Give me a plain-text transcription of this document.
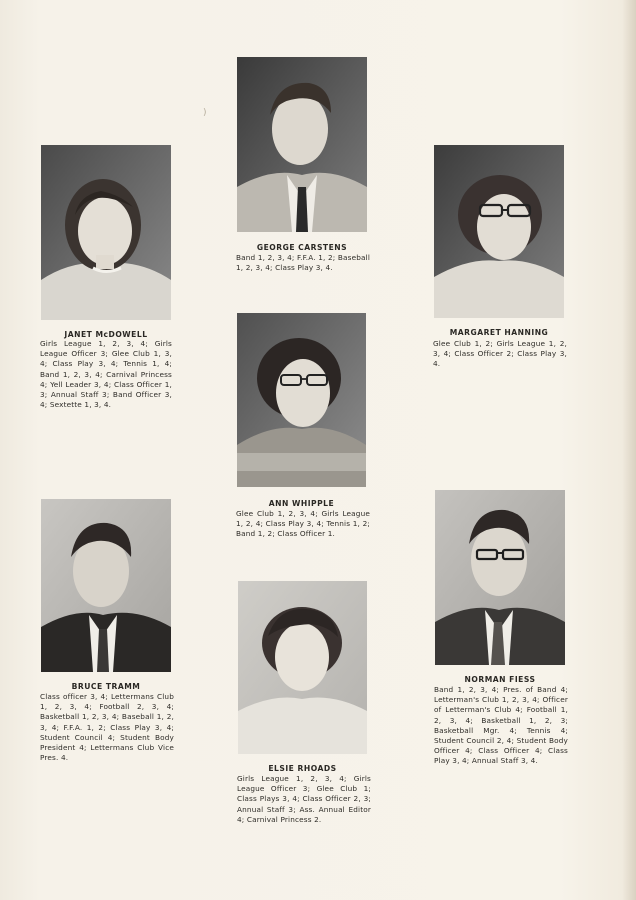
)
JANET McDOWELL
Girls League 1, 2, 3, 4; Girls League Officer 3; Glee Club 1, 3, 4; Class Play 3, 4; Tennis 1, 4; Band 1, 2, 3, 4; Carnival Princess 4; Yell Leader 3, 4; Class Officer 1, 3; Annual Staff 3; Band Officer 3, 4; Sextette 1, 3, 4.
GEORGE CARSTENS
Band 1, 2, 3, 4; F.F.A. 1, 2; Baseball 1, 2, 3, 4; Class Play 3, 4.
MARGARET HANNING
Glee Club 1, 2; Girls League 1, 2, 3, 4; Class Officer 2; Class Play 3, 4.
ANN WHIPPLE
Glee Club 1, 2, 3, 4; Girls League 1, 2, 4; Class Play 3, 4; Tennis 1, 2; Band 1, 2; Class Officer 1.
BRUCE TRAMM
Class officer 3, 4; Lettermans Club 1, 2, 3, 4; Football 2, 3, 4; Basketball 1, 2, 3, 4; Baseball 1, 2, 3, 4; F.F.A. 1, 2; Class Play 3, 4; Student Council 4; Student Body President 4; Lettermans Club Vice Pres. 4.
ELSIE RHOADS
Girls League 1, 2, 3, 4; Girls League Officer 3; Glee Club 1; Class Plays 3, 4; Class Officer 2, 3; Annual Staff 3; Ass. Annual Editor 4; Carnival Princess 2.
NORMAN FIESS
Band 1, 2, 3, 4; Pres. of Band 4; Letterman's Club 1, 2, 3, 4; Officer of Letterman's Club 4; Football 1, 2, 3, 4; Basketball 1, 2, 3; Basketball Mgr. 4; Tennis 4; Student Council 2, 4; Student Body Officer 4; Class Officer 4; Class Play 3, 4; Annual Staff 3, 4.
